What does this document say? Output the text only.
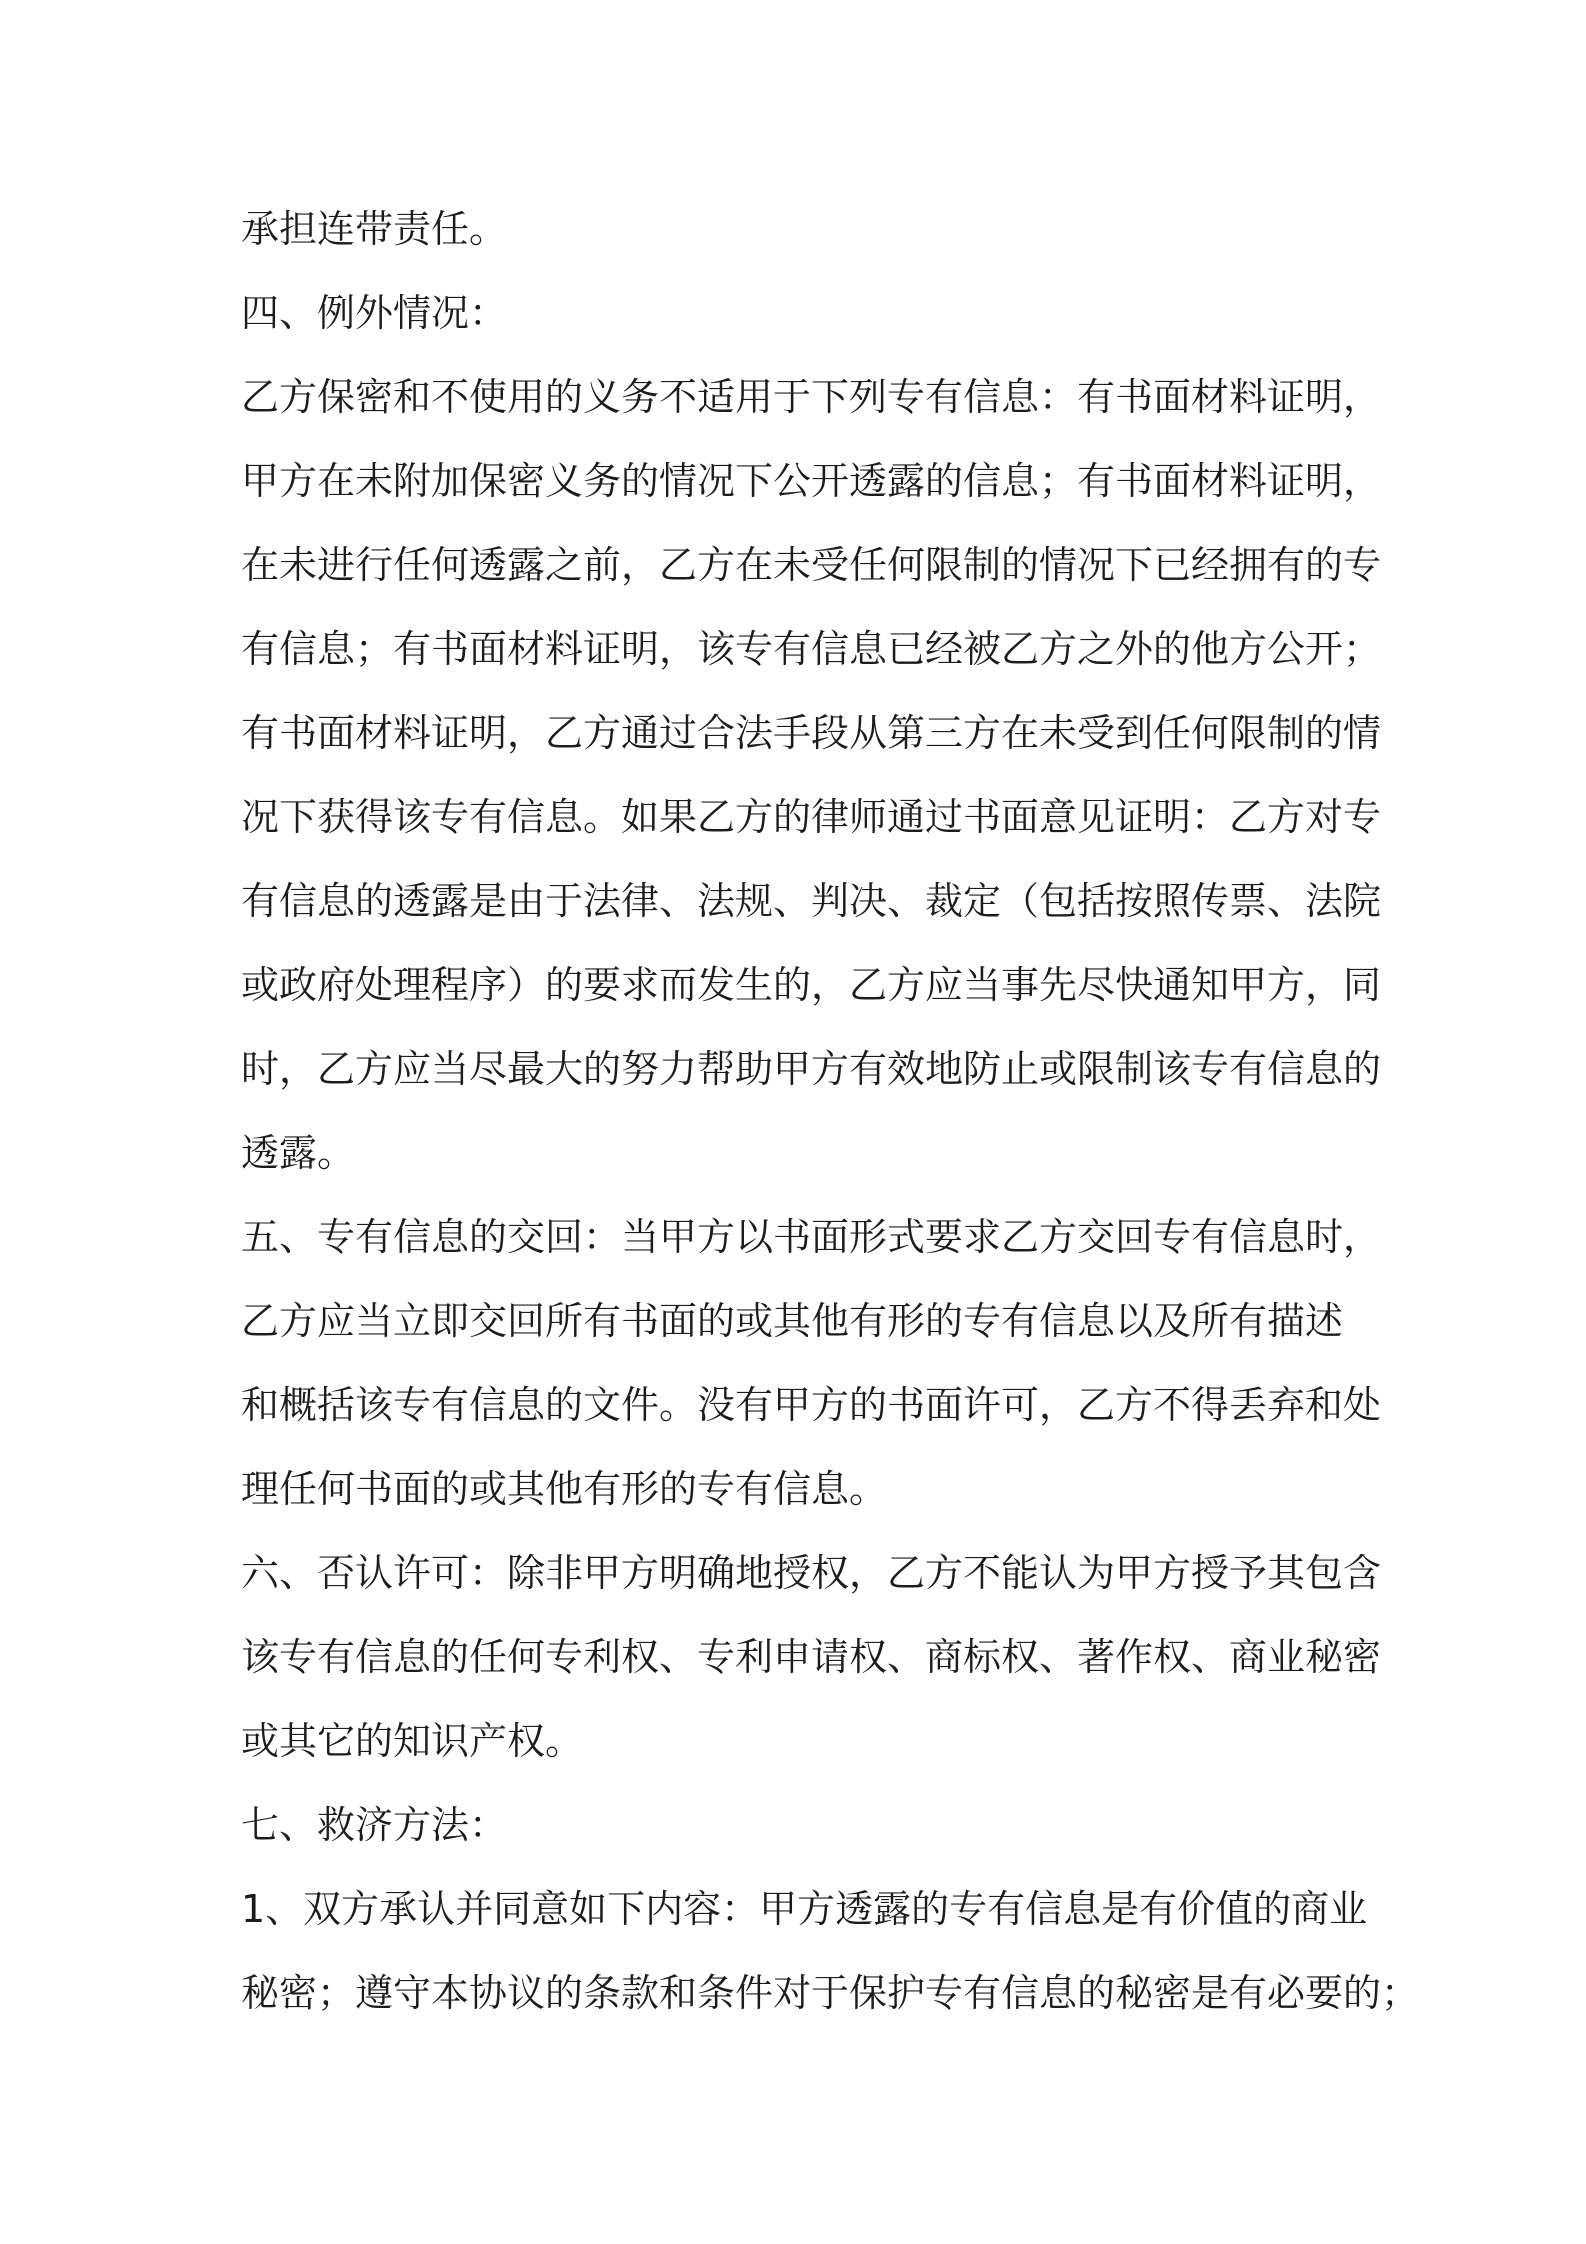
承担连带责任。
四、例外情况：
乙方保密和不使用的义务不适用于下列专有信息：有书面材料证明，
甲方在未附加保密义务的情况下公开透露的信息；有书面材料证明，
在未进行任何透露之前，乙方在未受任何限制的情况下已经拥有的专
有信息；有书面材料证明，该专有信息已经被乙方之外的他方公开；
有书面材料证明，乙方通过合法手段从第三方在未受到任何限制的情
况下获得该专有信息。如果乙方的律师通过书面意见证明：乙方对专
有信息的透露是由于法律、法规、判决、裁定（包括按照传票、法院
或政府处理程序）的要求而发生的，乙方应当事先尽快通知甲方，同
时，乙方应当尽最大的努力帮助甲方有效地防止或限制该专有信息的
透露。
五、专有信息的交回：当甲方以书面形式要求乙方交回专有信息时，
乙方应当立即交回所有书面的或其他有形的专有信息以及所有描述
和概括该专有信息的文件。没有甲方的书面许可，乙方不得丢弃和处
理任何书面的或其他有形的专有信息。
六、否认许可：除非甲方明确地授权，乙方不能认为甲方授予其包含
该专有信息的任何专利权、专利申请权、商标权、著作权、商业秘密
或其它的知识产权。
七、救济方法：
1、双方承认并同意如下内容：甲方透露的专有信息是有价值的商业
秘密；遵守本协议的条款和条件对于保护专有信息的秘密是有必要的；
